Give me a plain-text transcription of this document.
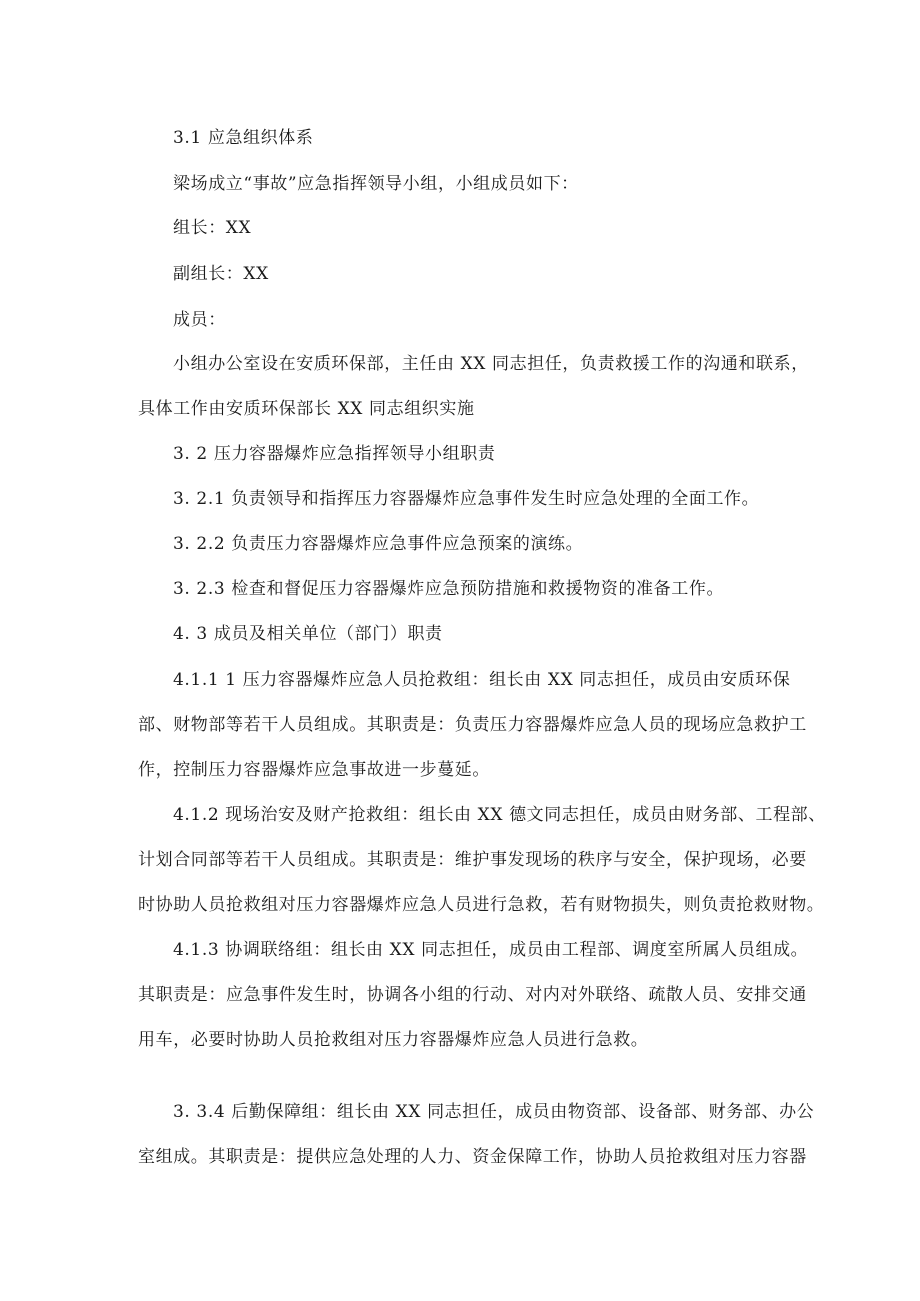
3.1 应急组织体系
梁场成立“事故”应急指挥领导小组，小组成员如下：
组长：XX
副组长：XX
成员：
小组办公室设在安质环保部，主任由 XX 同志担任，负责救援工作的沟通和联系，
具体工作由安质环保部长 XX 同志组织实施
3. 2 压力容器爆炸应急指挥领导小组职责
3. 2.1 负责领导和指挥压力容器爆炸应急事件发生时应急处理的全面工作。
3. 2.2 负责压力容器爆炸应急事件应急预案的演练。
3. 2.3 检查和督促压力容器爆炸应急预防措施和救援物资的准备工作。
4. 3 成员及相关单位（部门）职责
4.1.1 1 压力容器爆炸应急人员抢救组：组长由 XX 同志担任，成员由安质环保
部、财物部等若干人员组成。其职责是：负责压力容器爆炸应急人员的现场应急救护工
作，控制压力容器爆炸应急事故进一步蔓延。
4.1.2 现场治安及财产抢救组：组长由 XX 德文同志担任，成员由财务部、工程部、
计划合同部等若干人员组成。其职责是：维护事发现场的秩序与安全，保护现场，必要
时协助人员抢救组对压力容器爆炸应急人员进行急救，若有财物损失，则负责抢救财物。
4.1.3 协调联络组：组长由 XX 同志担任，成员由工程部、调度室所属人员组成。
其职责是：应急事件发生时，协调各小组的行动、对内对外联络、疏散人员、安排交通
用车，必要时协助人员抢救组对压力容器爆炸应急人员进行急救。
3. 3.4 后勤保障组：组长由 XX 同志担任，成员由物资部、设备部、财务部、办公
室组成。其职责是：提供应急处理的人力、资金保障工作，协助人员抢救组对压力容器
